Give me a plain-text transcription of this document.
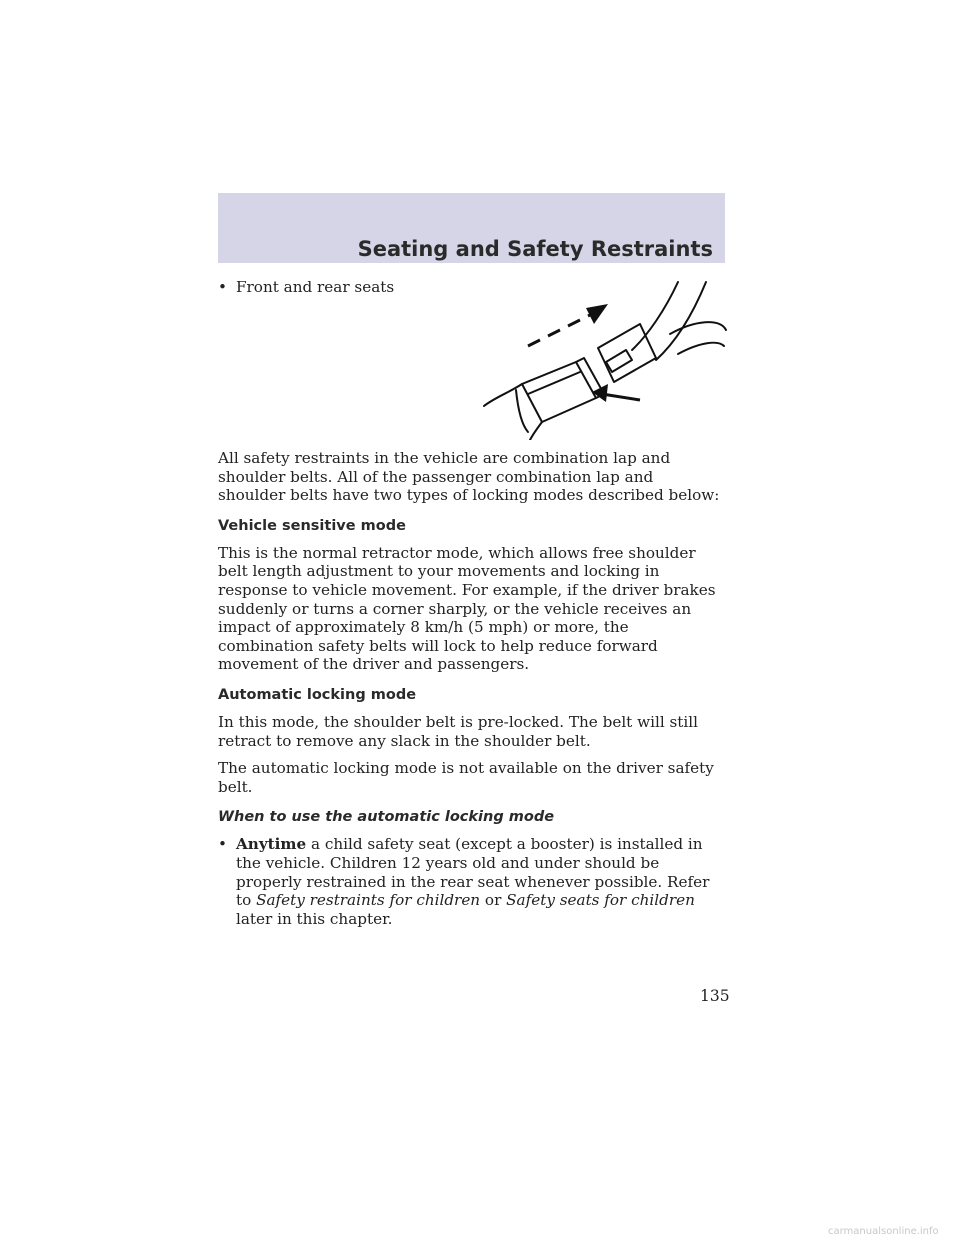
Seating and Safety Restraints
• Front and rear seats

All safety restraints in the vehicle are combination lap and shoulder belts. All of the passenger combination lap and shoulder belts have two types of locking modes described below:

Vehicle sensitive mode

This is the normal retractor mode, which allows free shoulder belt length adjustment to your movements and locking in response to vehicle movement. For example, if the driver brakes suddenly or turns a corner sharply, or the vehicle receives an impact of approximately 8 km/h (5 mph) or more, the combination safety belts will lock to help reduce forward movement of the driver and passengers.

Automatic locking mode

In this mode, the shoulder belt is pre-locked. The belt will still retract to remove any slack in the shoulder belt.

The automatic locking mode is not available on the driver safety belt.

When to use the automatic locking mode
• Anytime a child safety seat (except a booster) is installed in the vehicle. Children 12 years old and under should be properly restrained in the rear seat whenever possible. Refer to Safety restraints for children or Safety seats for children later in this chapter.
135
carmanualsonline.info
